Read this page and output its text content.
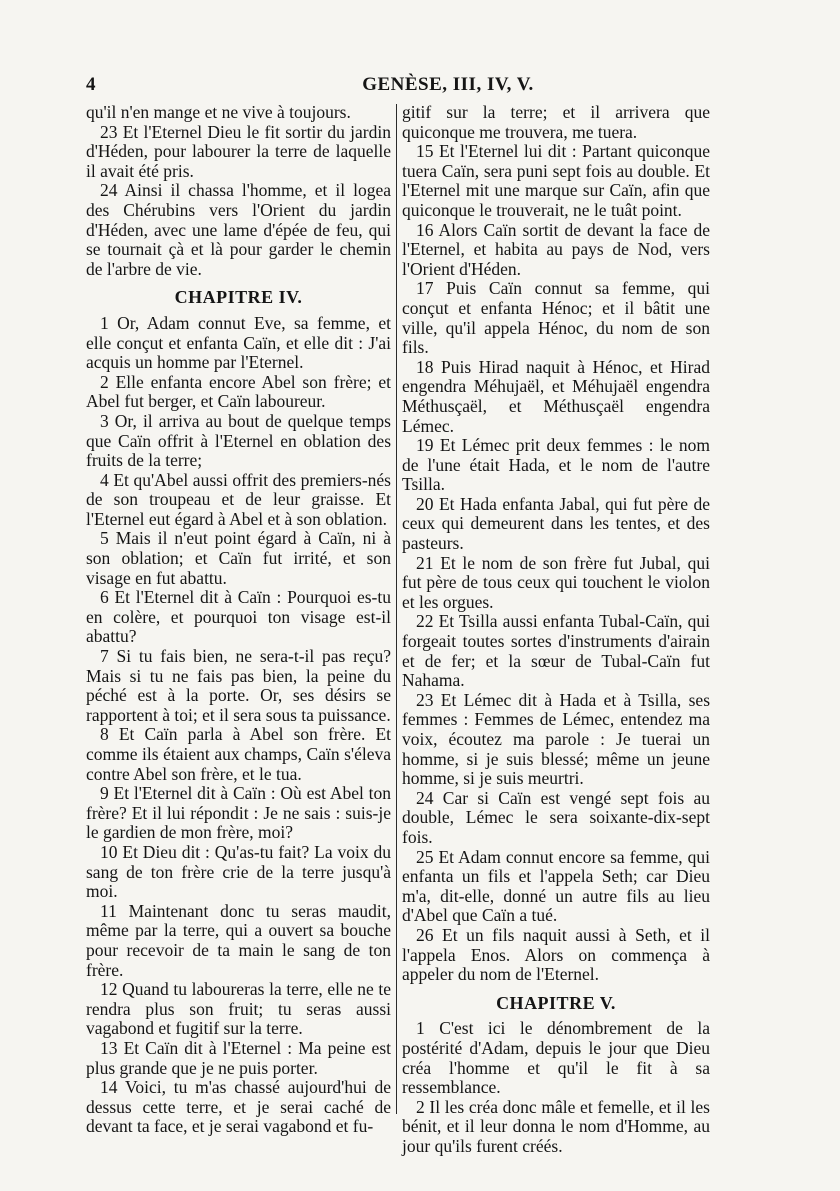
4	GENÈSE, III, IV, V.

qu'il n'en mange et ne vive à toujours.

23 Et l'Eternel Dieu le fit sortir du jardin d'Héden, pour labourer la terre de laquelle il avait été pris.

24 Ainsi il chassa l'homme, et il logea des Chérubins vers l'Orient du jardin d'Héden, avec une lame d'épée de feu, qui se tournait çà et là pour garder le chemin de l'arbre de vie.

CHAPITRE IV.

1 Or, Adam connut Eve, sa femme, et elle conçut et enfanta Caïn, et elle dit : J'ai acquis un homme par l'Eternel.

2 Elle enfanta encore Abel son frère; et Abel fut berger, et Caïn laboureur.

3 Or, il arriva au bout de quelque temps que Caïn offrit à l'Eternel en oblation des fruits de la terre;

4 Et qu'Abel aussi offrit des premiers-nés de son troupeau et de leur graisse. Et l'Eternel eut égard à Abel et à son oblation.

5 Mais il n'eut point égard à Caïn, ni à son oblation; et Caïn fut irrité, et son visage en fut abattu.

6 Et l'Eternel dit à Caïn : Pourquoi es-tu en colère, et pourquoi ton visage est-il abattu?

7 Si tu fais bien, ne sera-t-il pas reçu? Mais si tu ne fais pas bien, la peine du péché est à la porte. Or, ses désirs se rapportent à toi; et il sera sous ta puissance.

8 Et Caïn parla à Abel son frère. Et comme ils étaient aux champs, Caïn s'éleva contre Abel son frère, et le tua.

9 Et l'Eternel dit à Caïn : Où est Abel ton frère? Et il lui répondit : Je ne sais : suis-je le gardien de mon frère, moi?

10 Et Dieu dit : Qu'as-tu fait? La voix du sang de ton frère crie de la terre jusqu'à moi.

11 Maintenant donc tu seras maudit, même par la terre, qui a ouvert sa bouche pour recevoir de ta main le sang de ton frère.

12 Quand tu laboureras la terre, elle ne te rendra plus son fruit; tu seras aussi vagabond et fugitif sur la terre.

13 Et Caïn dit à l'Eternel : Ma peine est plus grande que je ne puis porter.

14 Voici, tu m'as chassé aujourd'hui de dessus cette terre, et je serai caché de devant ta face, et je serai vagabond et fu-

gitif sur la terre; et il arrivera que quiconque me trouvera, me tuera.

15 Et l'Eternel lui dit : Partant quiconque tuera Caïn, sera puni sept fois au double. Et l'Eternel mit une marque sur Caïn, afin que quiconque le trouverait, ne le tuât point.

16 Alors Caïn sortit de devant la face de l'Eternel, et habita au pays de Nod, vers l'Orient d'Héden.

17 Puis Caïn connut sa femme, qui conçut et enfanta Hénoc; et il bâtit une ville, qu'il appela Hénoc, du nom de son fils.

18 Puis Hirad naquit à Hénoc, et Hirad engendra Méhujaël, et Méhujaël engendra Méthusçaël, et Méthusçaël engendra Lémec.

19 Et Lémec prit deux femmes : le nom de l'une était Hada, et le nom de l'autre Tsilla.

20 Et Hada enfanta Jabal, qui fut père de ceux qui demeurent dans les tentes, et des pasteurs.

21 Et le nom de son frère fut Jubal, qui fut père de tous ceux qui touchent le violon et les orgues.

22 Et Tsilla aussi enfanta Tubal-Caïn, qui forgeait toutes sortes d'instruments d'airain et de fer; et la sœur de Tubal-Caïn fut Nahama.

23 Et Lémec dit à Hada et à Tsilla, ses femmes : Femmes de Lémec, entendez ma voix, écoutez ma parole : Je tuerai un homme, si je suis blessé; même un jeune homme, si je suis meurtri.

24 Car si Caïn est vengé sept fois au double, Lémec le sera soixante-dix-sept fois.

25 Et Adam connut encore sa femme, qui enfanta un fils et l'appela Seth; car Dieu m'a, dit-elle, donné un autre fils au lieu d'Abel que Caïn a tué.

26 Et un fils naquit aussi à Seth, et il l'appela Enos. Alors on commença à appeler du nom de l'Eternel.

CHAPITRE V.

1 C'est ici le dénombrement de la postérité d'Adam, depuis le jour que Dieu créa l'homme et qu'il le fit à sa ressemblance.

2 Il les créa donc mâle et femelle, et il les bénit, et il leur donna le nom d'Homme, au jour qu'ils furent créés.
